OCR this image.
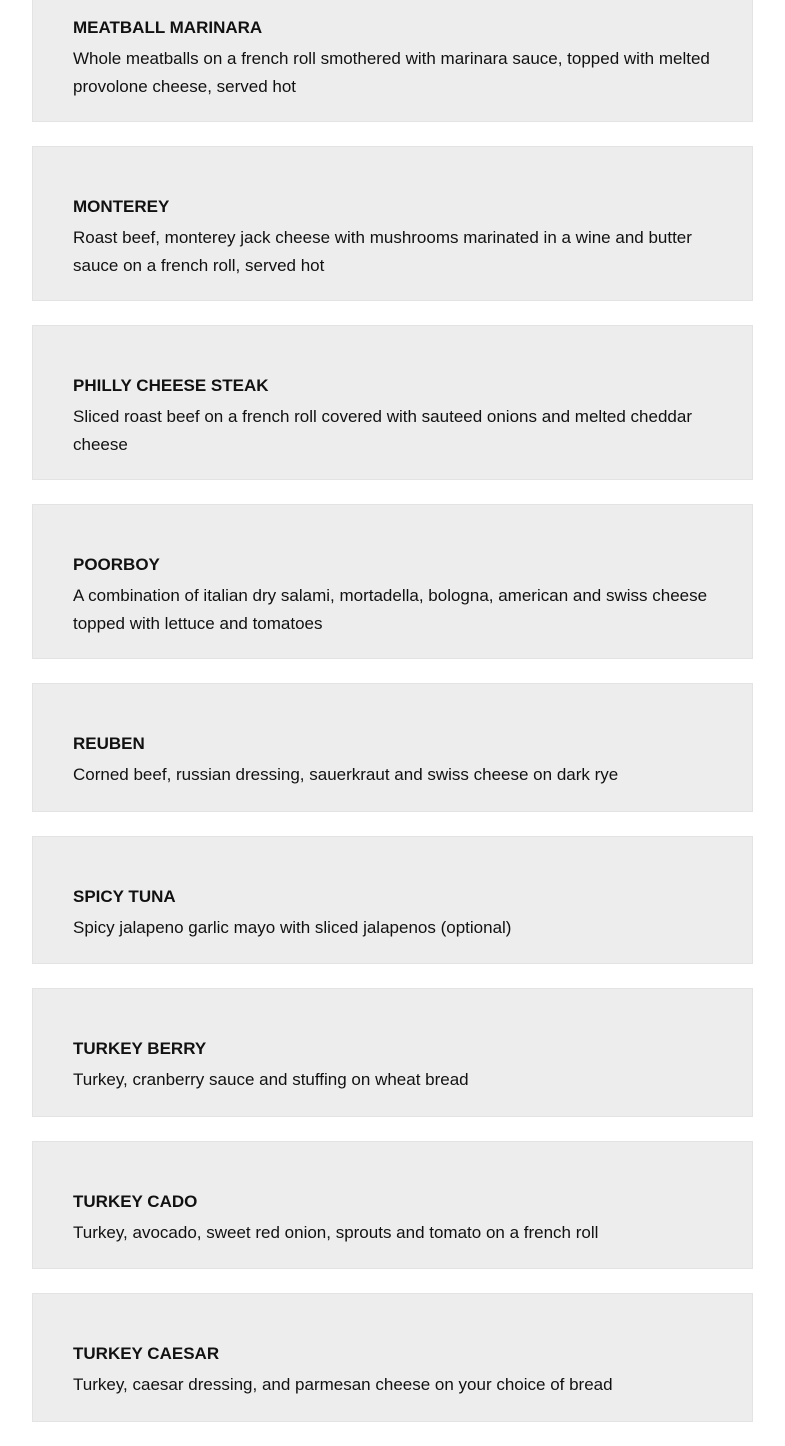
MEATBALL MARINARA

Whole meatballs on a french roll smothered with marinara sauce, topped with melted provolone cheese, served hot

MONTEREY

Roast beef, monterey jack cheese with mushrooms marinated in a wine and butter sauce on a french roll, served hot

PHILLY CHEESE STEAK

Sliced roast beef on a french roll covered with sauteed onions and melted cheddar cheese

POORBOY

A combination of italian dry salami, mortadella, bologna, american and swiss cheese topped with lettuce and tomatoes

REUBEN

Corned beef, russian dressing, sauerkraut and swiss cheese on dark rye

SPICY TUNA

Spicy jalapeno garlic mayo with sliced jalapenos (optional)

TURKEY BERRY

Turkey, cranberry sauce and stuffing on wheat bread

TURKEY CADO

Turkey, avocado, sweet red onion, sprouts and tomato on a french roll

TURKEY CAESAR

Turkey, caesar dressing, and parmesan cheese on your choice of bread
